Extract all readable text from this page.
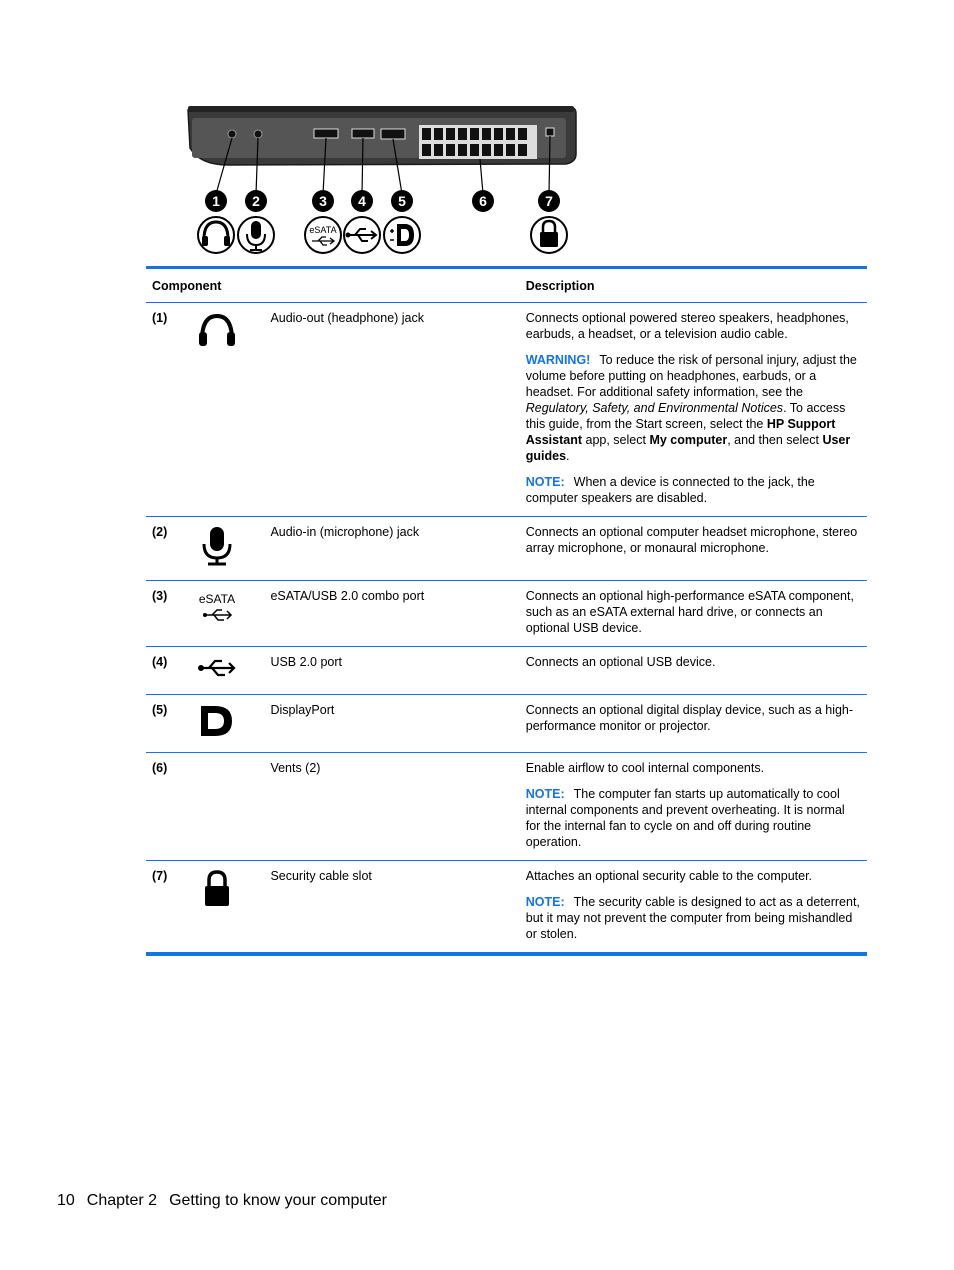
1 2	3 4 5	6	7
eSATA
Component			Description
(1)		Audio-out (headphone) jack	Connects optional powered stereo speakers, headphones, earbuds, a headset, or a television audio cable.

WARNING! To reduce the risk of personal injury, adjust the volume before putting on headphones, earbuds, or a headset. For additional safety information, see the Regulatory, Safety, and Environmental Notices. To access this guide, from the Start screen, select the HP Support Assistant app, select My computer, and then select User guides.

NOTE: When a device is connected to the jack, the computer speakers are disabled.

(2)		Audio-in (microphone) jack	Connects an optional computer headset microphone, stereo array microphone, or monaural microphone.

(3)	eSATA	eSATA/USB 2.0 combo port	Connects an optional high-performance eSATA component, such as an eSATA external hard drive, or connects an optional USB device.

(4)		USB 2.0 port	Connects an optional USB device.

(5)		DisplayPort	Connects an optional digital display device, such as a high-performance monitor or projector.

(6)		Vents (2)	Enable airflow to cool internal components.

NOTE: The computer fan starts up automatically to cool internal components and prevent overheating. It is normal for the internal fan to cycle on and off during routine operation.

(7)		Security cable slot	Attaches an optional security cable to the computer.

NOTE: The security cable is designed to act as a deterrent, but it may not prevent the computer from being mishandled or stolen.

10 Chapter 2 Getting to know your computer
